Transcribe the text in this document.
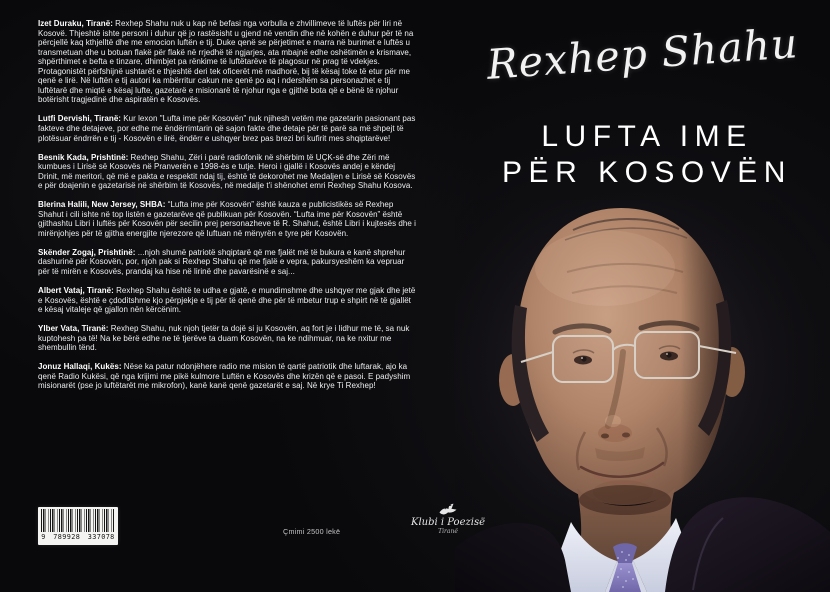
Izet Duraku, Tiranë: Rexhep Shahu nuk u kap në befasi nga vorbulla e zhvillimeve të luftës për liri në Kosovë. Thjeshtë ishte personi i duhur që jo rastësisht u gjend në vendin dhe në kohën e duhur për të na përcjellë kaq kthjelltë dhe me emocion luftën e tij. Duke qenë se përjetimet e marra në burimet e luftës u transmetuan dhe u botuan flakë për flakë në rrjedhë të ngjarjes, ata mbajnë edhe oshëtimën e krismave, shpërthimet e befta e tinzare, dhimbjet pa rënkime të luftëtarëve të plagosur në prag të vdekjes. Protagonistët përfshijnë ushtarët e thjeshtë deri tek oficerët më madhorë, bij të kësaj toke të etur për me qenë e lirë. Në luftën e tij autori ka mbërritur cakun me qenë po aq i ndershëm sa personazhet e tij luftëtarë dhe miqtë e kësaj lufte, gazetarë e misionarë të njohur nga e gjithë bota që e bënë të njohur botërisht tragjedinë dhe aspiratën e Kosovës.

Lutfi Dervishi, Tiranë: Kur lexon "Lufta ime për Kosovën" nuk njihesh vetëm me gazetarin pasionant pas fakteve dhe detajeve, por edhe me ëndërrimtarin që sajon fakte dhe detaje për të parë sa më shpejt të plotësuar ëndrrën e tij - Kosovën e lirë, ëndërr e ushqyer brez pas brezi bri kufirit mes shqiptarëve!

Besnik Kada, Prishtinë: Rexhep Shahu, Zëri i parë radiofonik në shërbim të UÇK-së dhe Zëri më kumbues i Lirisë së Kosovës në Pranverën e 1998-ës e tutje. Heroi i gjallë i Kosovës andej e këndej Drinit, më meritori, që më e pakta e respektit ndaj tij, është të dekorohet me Medaljen e Lirisë së Kosovës e për doajenin e gazetarisë në shërbim të Kosovës, në medalje t'i shënohet emri Rexhep Shahu Kosova.

Blerina Halili, New Jersey, SHBA: “Lufta ime për Kosovën” është kauza e publicistikës së Rexhep Shahut i cili ishte në top listën e gazetarëve që publikuan për Kosovën. “Lufta ime për Kosovën” është gjithashtu Libri i luftës për Kosovën për secilin prej personazheve të R. Shahut, është Libri i kujtesës dhe i mirënjohjes për të gjitha energjite njerezore që luftuan në mënyrën e tyre për Kosovën.

Skënder Zogaj, Prishtinë: ...njoh shumë patriotë shqiptarë që me fjalët më të bukura e kanë shprehur dashurinë për Kosovën, por, njoh pak si Rexhep Shahu që me fjalë e vepra, pakursyeshëm ka vepruar për të mirën e Kosovës, prandaj ka hise në lirinë dhe pavarësinë e saj...

Albert Vataj, Tiranë: Rexhep Shahu është te udha e gjatë, e mundimshme dhe ushqyer me gjak dhe jetë e Kosovës, është e çdoditshme kjo përpjekje e tij për të qenë dhe për të mbetur trup e shpirt në të gjallët e kësaj vitaleje që gjallon nën kërcënim.

Ylber Vata, Tiranë: Rexhep Shahu, nuk njoh tjetër ta dojë si ju Kosovën, aq fort je i lidhur me të, sa nuk kuptohesh pa të! Na ke bërë edhe ne të tjerëve ta duam Kosovën, na ke ndihmuar, na ke nxitur me shembullin tënd.

Jonuz Hallaqi, Kukës: Nëse ka patur ndonjëhere radio me mision të qartë patriotik dhe luftarak, ajo ka qenë Radio Kukësi, që nga krijimi me pikë kulmore Luftën e Kosovës dhe krizën që e pasoi. E padyshim misionarët (pse jo luftëtarët me mikrofon), kanë kanë qenë gazetarët e saj. Në krye Ti Rexhep!

9 789928 337078
Çmimi 2500 lekë
Rexhep Shahu
LUFTA IME
PËR KOSOVËN
Klubi i Poezisë
Tiranë
